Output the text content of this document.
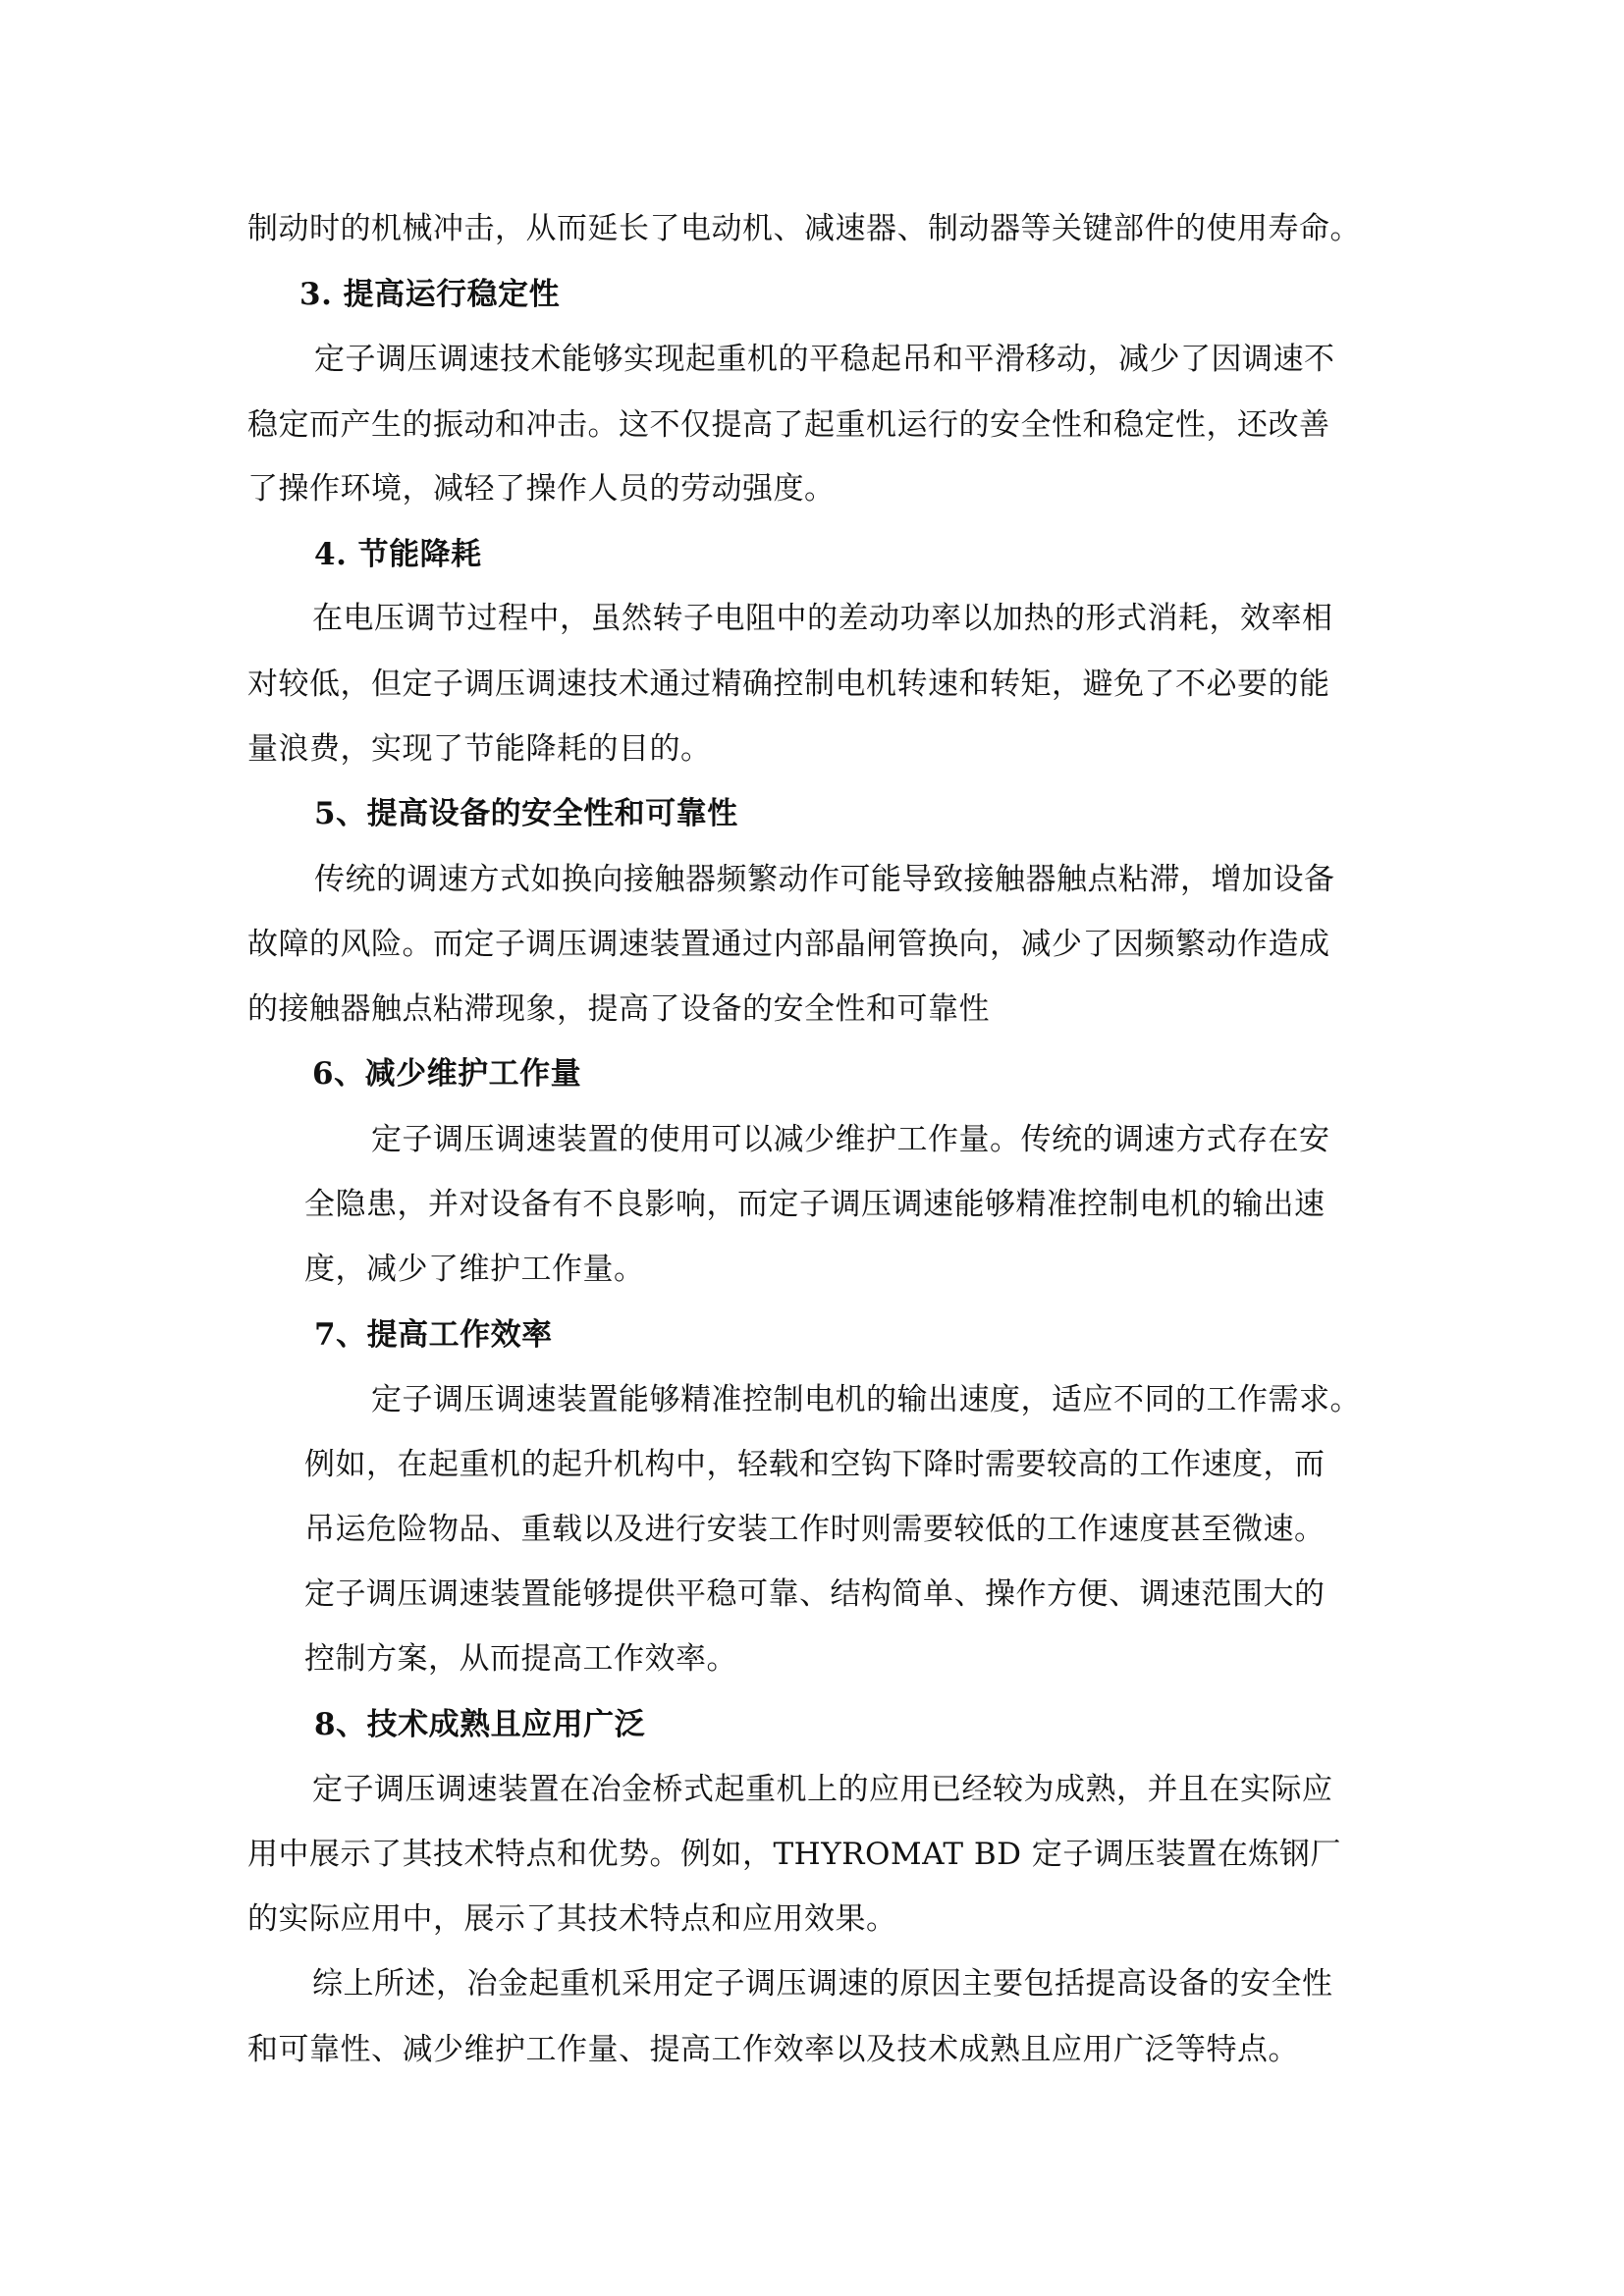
制动时的机械冲击，从而延长了电动机、减速器、制动器等关键部件的使用寿命。
3. 提高运行稳定性
定子调压调速技术能够实现起重机的平稳起吊和平滑移动，减少了因调速不
稳定而产生的振动和冲击。这不仅提高了起重机运行的安全性和稳定性，还改善
了操作环境，减轻了操作人员的劳动强度。
4. 节能降耗
在电压调节过程中，虽然转子电阻中的差动功率以加热的形式消耗，效率相
对较低，但定子调压调速技术通过精确控制电机转速和转矩，避免了不必要的能
量浪费，实现了节能降耗的目的。
5、提高设备的安全性和可靠性
传统的调速方式如换向接触器频繁动作可能导致接触器触点粘滞，增加设备
故障的风险。而定子调压调速装置通过内部晶闸管换向，减少了因频繁动作造成
的接触器触点粘滞现象，提高了设备的安全性和可靠性
6、减少维护工作量
定子调压调速装置的使用可以减少维护工作量。传统的调速方式存在安
全隐患，并对设备有不良影响，而定子调压调速能够精准控制电机的输出速
度，减少了维护工作量。
7、提高工作效率
定子调压调速装置能够精准控制电机的输出速度，适应不同的工作需求。
例如，在起重机的起升机构中，轻载和空钩下降时需要较高的工作速度，而
吊运危险物品、重载以及进行安装工作时则需要较低的工作速度甚至微速。
定子调压调速装置能够提供平稳可靠、结构简单、操作方便、调速范围大的
控制方案，从而提高工作效率。
8、技术成熟且应用广泛
定子调压调速装置在冶金桥式起重机上的应用已经较为成熟，并且在实际应
用中展示了其技术特点和优势。例如，THYROMAT BD 定子调压装置在炼钢厂
的实际应用中，展示了其技术特点和应用效果。
综上所述，冶金起重机采用定子调压调速的原因主要包括提高设备的安全性
和可靠性、减少维护工作量、提高工作效率以及技术成熟且应用广泛等特点。
